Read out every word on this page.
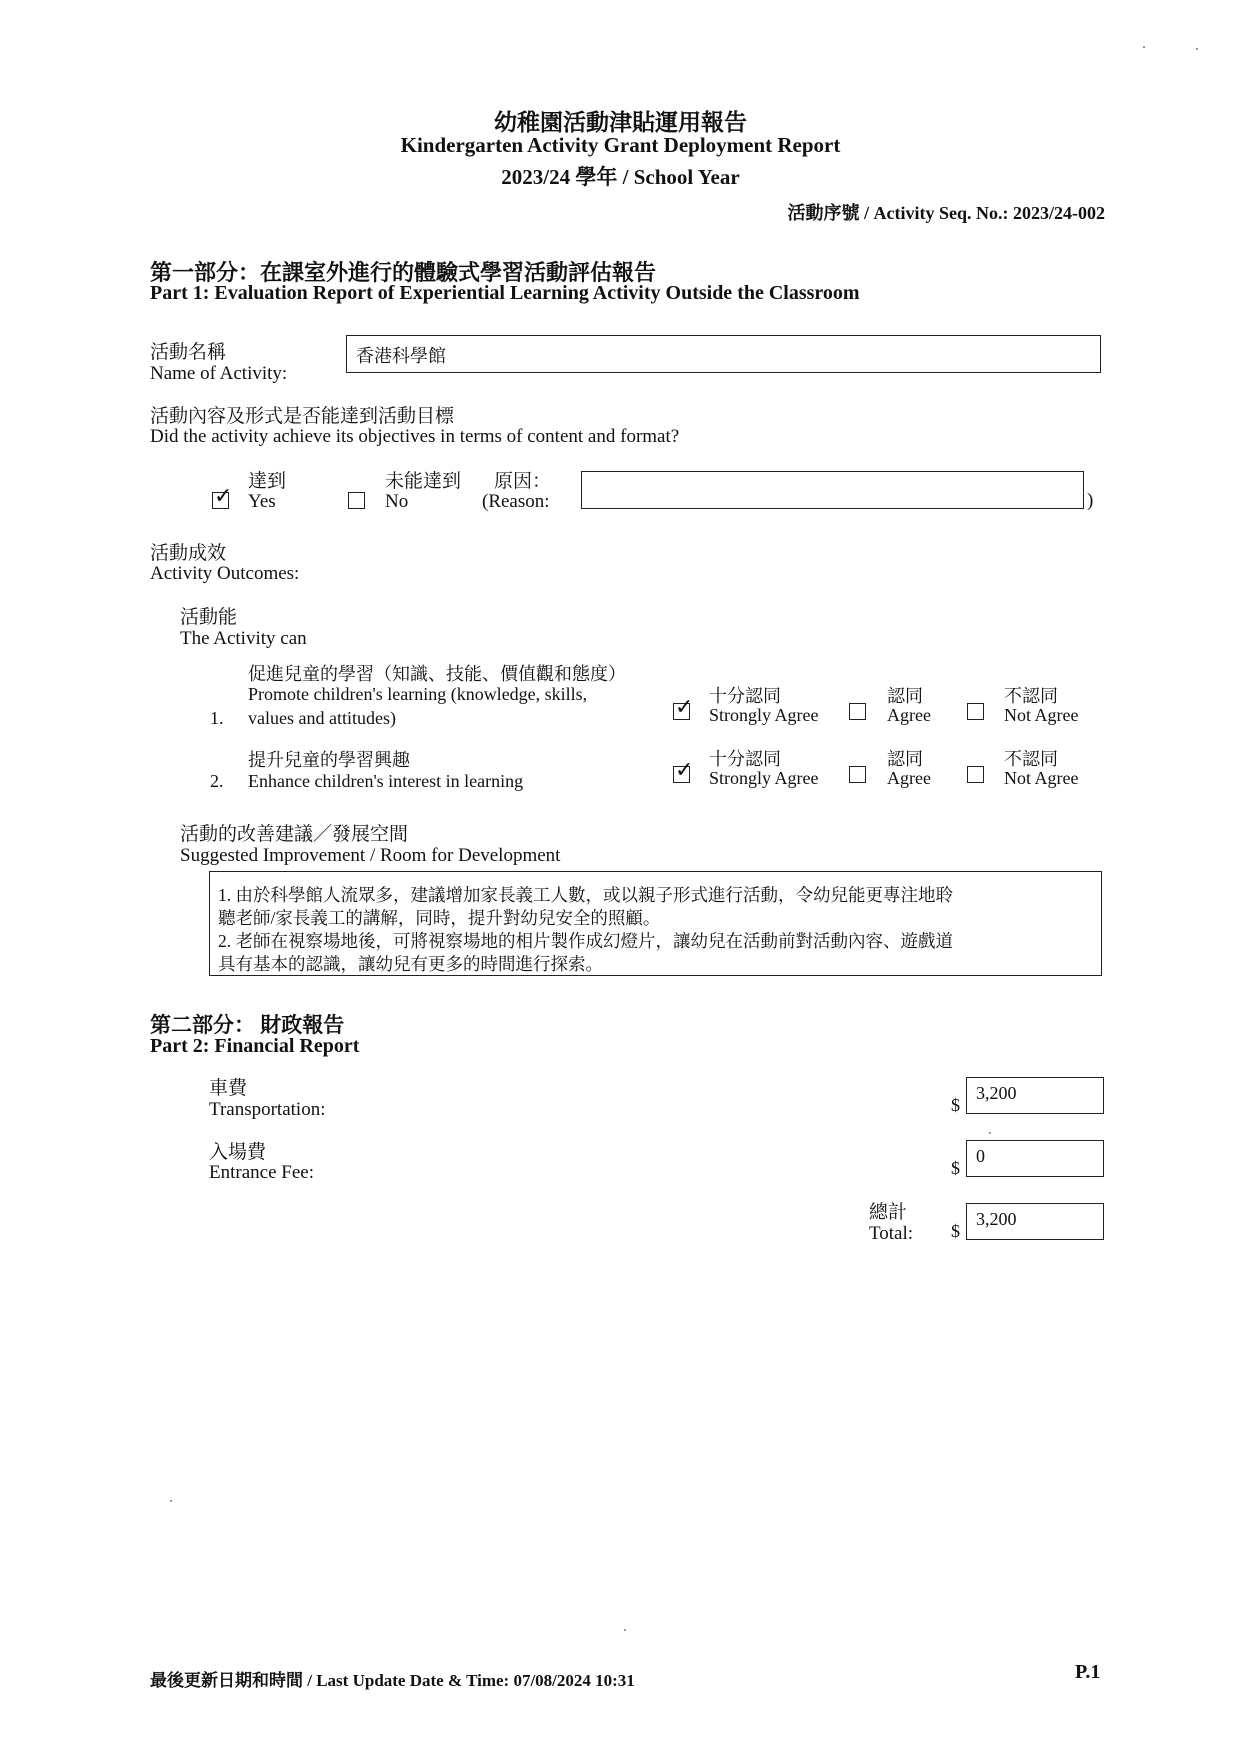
幼稚園活動津貼運用報告
Kindergarten Activity Grant Deployment Report
2023/24 學年 / School Year
活動序號 / Activity Seq. No.: 2023/24-002
第一部分：在課室外進行的體驗式學習活動評估報告
Part 1: Evaluation Report of Experiential Learning Activity Outside the Classroom
活動名稱
Name of Activity:
香港科學館
活動內容及形式是否能達到活動目標
Did the activity achieve its objectives in terms of content and format?
✓
達到
Yes
未能達到
No
原因：
(Reason:	)
活動成效
Activity Outcomes:
活動能
The Activity can
促進兒童的學習（知識、技能、價值觀和態度）
Promote children's learning (knowledge, skills,
1. values and attitudes)	✓ 十分認同
Strongly Agree
認同
Agree
不認同
Not Agree
提升兒童的學習興趣
2. Enhance children's interest in learning	✓ 十分認同
Strongly Agree
認同
Agree
不認同
Not Agree
活動的改善建議／發展空間
Suggested Improvement / Room for Development
1. 由於科學館人流眾多，建議增加家長義工人數，或以親子形式進行活動，令幼兒能更專注地聆
聽老師/家長義工的講解，同時，提升對幼兒安全的照顧。
2. 老師在視察場地後，可將視察場地的相片製作成幻燈片，讓幼兒在活動前對活動內容、遊戲道
具有基本的認識，讓幼兒有更多的時間進行探索。
第二部分： 財政報告
Part 2: Financial Report
車費
Transportation:	$
3,200
入場費
Entrance Fee:	$
0
總計
Total: $
3,200
最後更新日期和時間 / Last Update Date & Time: 07/08/2024 10:31	P.1
